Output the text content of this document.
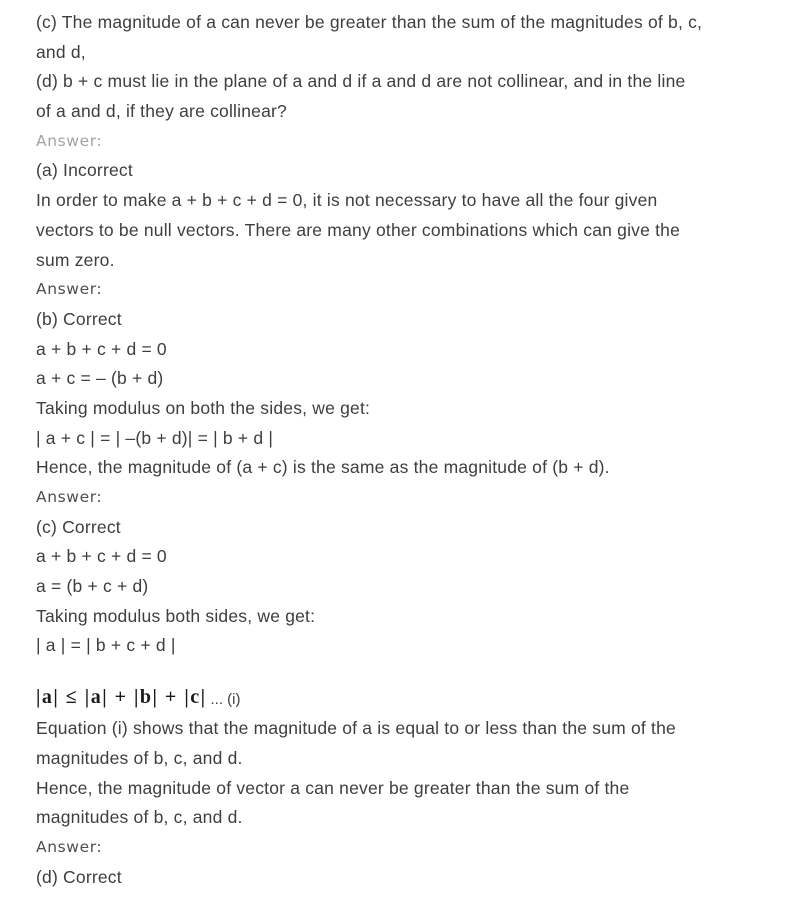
(c) The magnitude of a can never be greater than the sum of the magnitudes of b, c,
and d,
(d) b + c must lie in the plane of a and d if a and d are not collinear, and in the line
of a and d, if they are collinear?
Answer:
(a) Incorrect
In order to make a + b + c + d = 0, it is not necessary to have all the four given
vectors to be null vectors. There are many other combinations which can give the
sum zero.
Answer:
(b) Correct
a + b + c + d = 0
a + c = – (b + d)
Taking modulus on both the sides, we get:
| a + c | = | –(b + d)| = | b + d |
Hence, the magnitude of (a + c) is the same as the magnitude of (b + d).
Answer:
(c) Correct
a + b + c + d = 0
a = (b + c + d)
Taking modulus both sides, we get:
| a | = | b + c + d |
|a| ≤ |a| + |b| + |c| ... (i)
Equation (i) shows that the magnitude of a is equal to or less than the sum of the
magnitudes of b, c, and d.
Hence, the magnitude of vector a can never be greater than the sum of the
magnitudes of b, c, and d.
Answer:
(d) Correct
